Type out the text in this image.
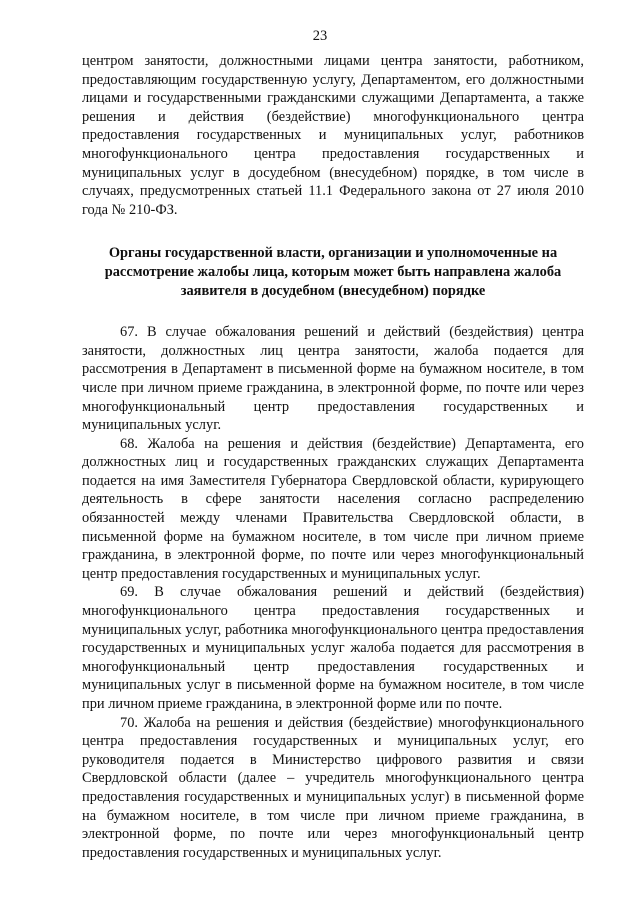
23

центром занятости, должностными лицами центра занятости, работником, предоставляющим государственную услугу, Департаментом, его должностными лицами и государственными гражданскими служащими Департамента, а также решения и действия (бездействие) многофункционального центра предоставления государственных и муниципальных услуг, работников многофункционального центра предоставления государственных и муниципальных услуг в досудебном (внесудебном) порядке, в том числе в случаях, предусмотренных статьей 11.1 Федерального закона от 27 июля 2010 года № 210-ФЗ.

Органы государственной власти, организации и уполномоченные на рассмотрение жалобы лица, которым может быть направлена жалоба заявителя в досудебном (внесудебном) порядке

67. В случае обжалования решений и действий (бездействия) центра занятости, должностных лиц центра занятости, жалоба подается для рассмотрения в Департамент в письменной форме на бумажном носителе, в том числе при личном приеме гражданина, в электронной форме, по почте или через многофункциональный центр предоставления государственных и муниципальных услуг.

68. Жалоба на решения и действия (бездействие) Департамента, его должностных лиц и государственных гражданских служащих Департамента подается на имя Заместителя Губернатора Свердловской области, курирующего деятельность в сфере занятости населения согласно распределению обязанностей между членами Правительства Свердловской области, в письменной форме на бумажном носителе, в том числе при личном приеме гражданина, в электронной форме, по почте или через многофункциональный центр предоставления государственных и муниципальных услуг.

69. В случае обжалования решений и действий (бездействия) многофункционального центра предоставления государственных и муниципальных услуг, работника многофункционального центра предоставления государственных и муниципальных услуг жалоба подается для рассмотрения в многофункциональный центр предоставления государственных и муниципальных услуг в письменной форме на бумажном носителе, в том числе при личном приеме гражданина, в электронной форме или по почте.

70. Жалоба на решения и действия (бездействие) многофункционального центра предоставления государственных и муниципальных услуг, его руководителя подается в Министерство цифрового развития и связи Свердловской области (далее – учредитель многофункционального центра предоставления государственных и муниципальных услуг) в письменной форме на бумажном носителе, в том числе при личном приеме гражданина, в электронной форме, по почте или через многофункциональный центр предоставления государственных и муниципальных услуг.
